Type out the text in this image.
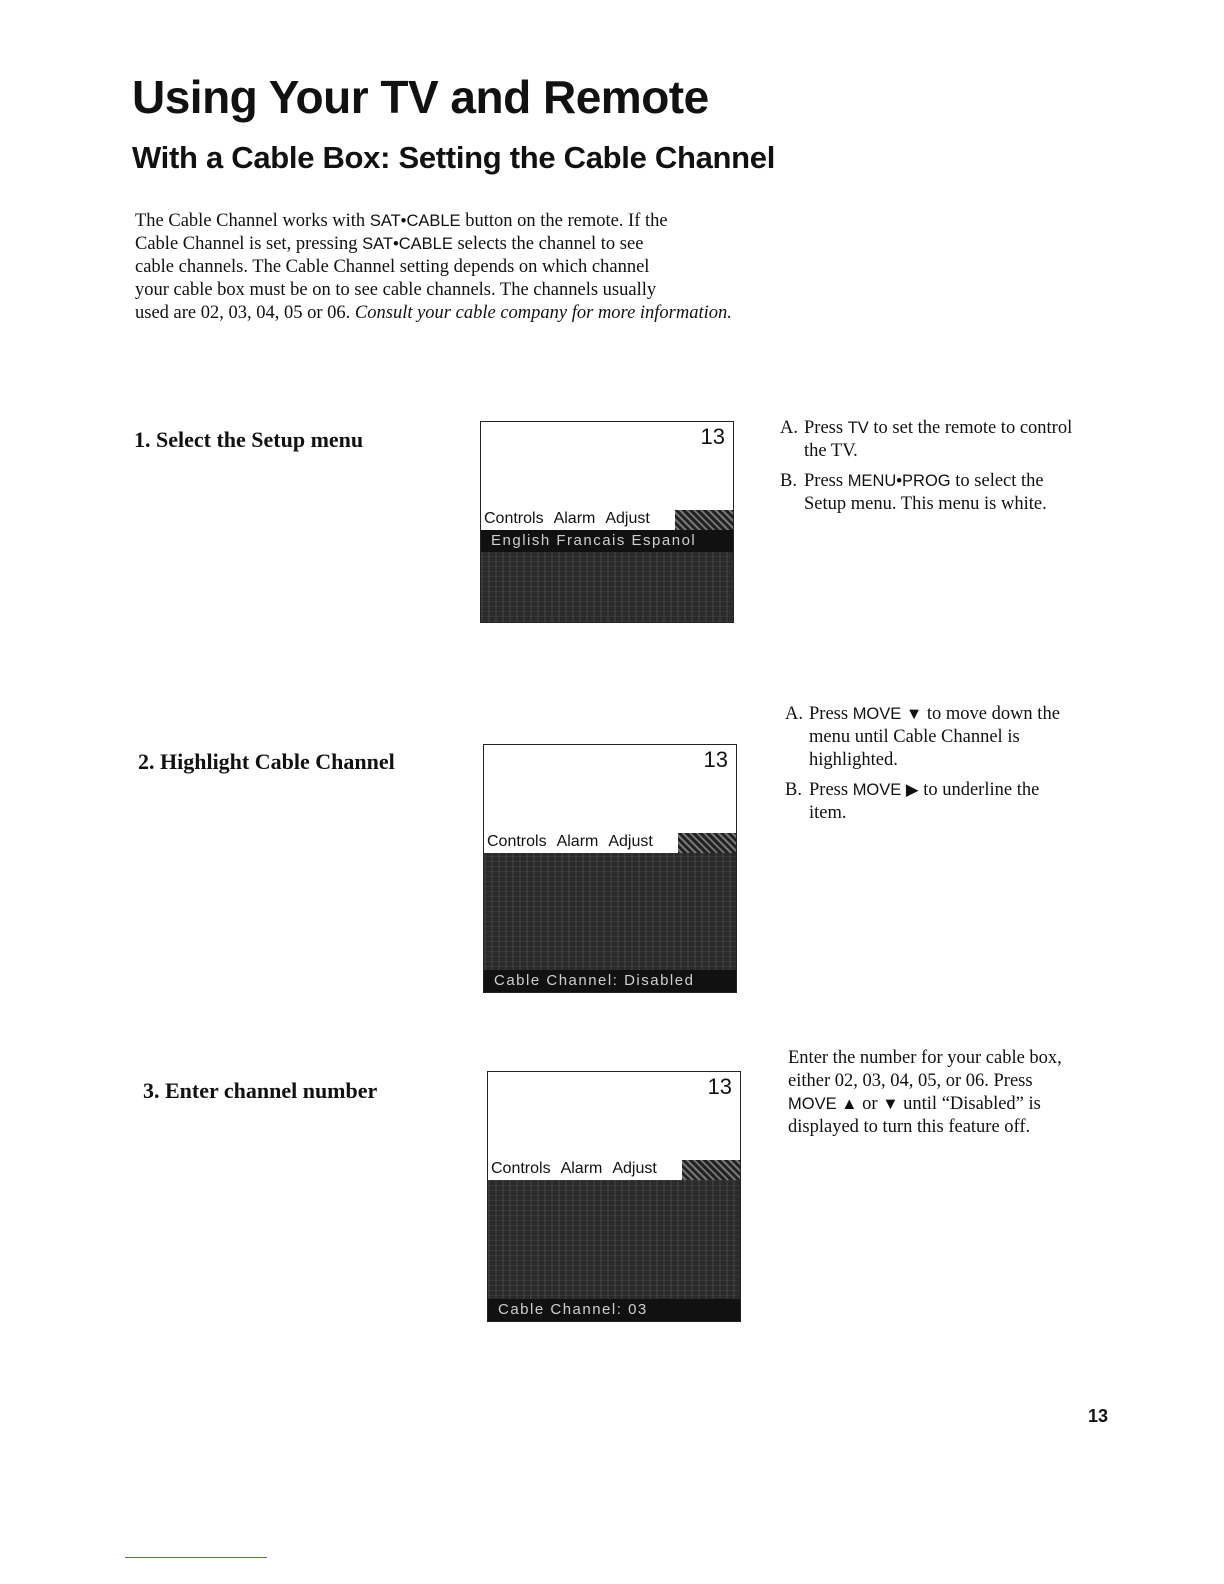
Using Your TV and Remote
With a Cable Box: Setting the Cable Channel
The Cable Channel works with SAT•CABLE button on the remote. If the
Cable Channel is set, pressing SAT•CABLE selects the channel to see
cable channels. The Cable Channel setting depends on which channel
your cable box must be on to see cable channels. The channels usually
used are 02, 03, 04, 05 or 06. Consult your cable company for more information.
1. Select the Setup menu	13
Controls Alarm Adjust
English Francais Espanol
A. Press TV to set the remote to control the TV.
B. Press MENU•PROG to select the Setup menu. This menu is white.
2. Highlight Cable Channel	13
Controls Alarm Adjust
Cable Channel: Disabled
A. Press MOVE ▼ to move down the menu until Cable Channel is highlighted.
B. Press MOVE ▶ to underline the item.
3. Enter channel number	13
Controls Alarm Adjust
Cable Channel: 03
Enter the number for your cable box, either 02, 03, 04, 05, or 06. Press MOVE ▲ or ▼ until “Disabled” is displayed to turn this feature off.
13
